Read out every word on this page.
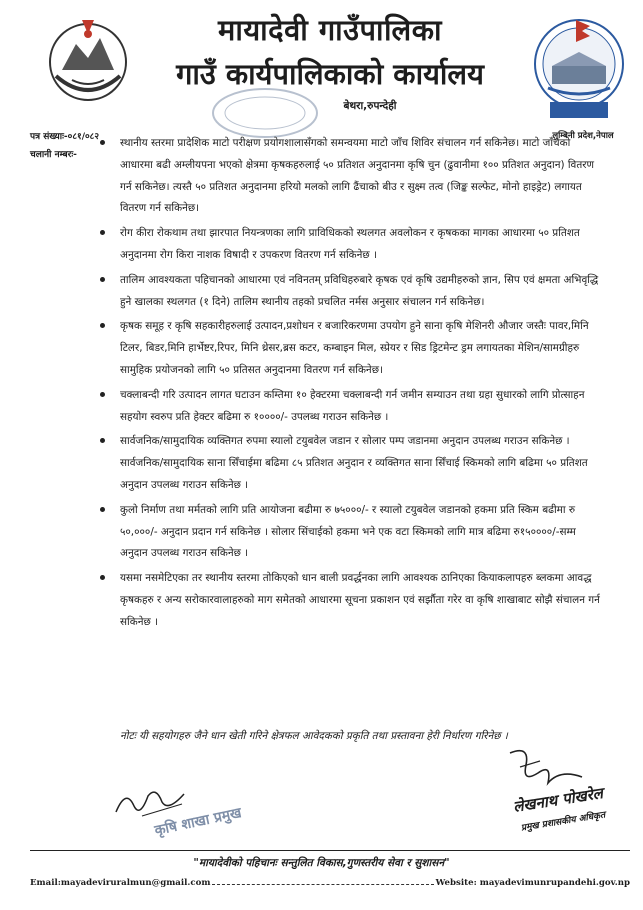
मायादेवी गाउँपालिका
गाउँ कार्यपालिकाको कार्यालय
बेथरा,रुपन्देही
लुम्बिनी प्रदेश,नेपाल
पत्र संख्याः-०८१/०८२
चलानी नम्बरः-
स्थानीय स्तरमा प्रादेशिक माटो परीक्षण प्रयोगशालासँगको समन्वयमा माटो जाँच शिविर संचालन गर्न सकिनेछ। माटो जाँचको आधारमा बढी अम्लीयपना भएको क्षेत्रमा कृषकहरुलाई ५० प्रतिशत अनुदानमा कृषि चुन (ढुवानीमा १०० प्रतिशत अनुदान) वितरण गर्न सकिनेछ। त्यस्तै ५० प्रतिशत अनुदानमा हरियो मलको लागि ढैंचाको बीउ र सुक्ष्म तत्व (जिङ्क सल्फेट, मोनो हाइड्रेट) लगायत वितरण गर्न सकिनेछ।
रोग कीरा रोकथाम तथा झारपात नियन्त्रणका लागि प्राविधिकको स्थलगत अवलोकन र कृषकका मागका आधारमा ५० प्रतिशत अनुदानमा रोग किरा नाशक विषादी र उपकरण वितरण गर्न सकिनेछ ।
तालिम आवश्यकता पहिचानको आधारमा एवं नविनतम् प्रविधिहरुबारे कृषक एवं कृषि उद्यमीहरुको ज्ञान, सिप एवं क्षमता अभिवृद्धि हुने खालका स्थलगत (१ दिने) तालिम स्थानीय तहको प्रचलित नर्मस अनुसार संचालन गर्न सकिनेछ।
कृषक समूह र कृषि सहकारीहरुलाई उत्पादन,प्रशोधन र बजारिकरणमा उपयोग हुने साना कृषि मेशिनरी औजार जस्तैः पावर,मिनि टिलर, बिडर,मिनि हार्भेष्टर,रिपर, मिनि थ्रेसर,ब्रस कटर, कम्बाइन मिल, स्प्रेयर र सिड ड्रिटमेन्ट ड्रम लगायतका मेशिन/सामग्रीहरु सामुहिक प्रयोजनको लागि ५० प्रतिसत अनुदानमा वितरण गर्न सकिनेछ।
चक्लाबन्दी गरि उत्पादन लागत घटाउन कम्तिमा १० हेक्टरमा चक्लाबन्दी गर्न जमीन सम्याउन तथा ग्रहा सुधारको लागि प्रोत्साहन सहयोग स्वरुप प्रति हेक्टर बढिमा रु १००००/- उपलब्ध गराउन सकिनेछ ।
सार्वजनिक/सामुदायिक व्यक्तिगत रुपमा स्यालो टयुबवेल जडान र सोलार पम्प जडानमा अनुदान उपलब्ध गराउन सकिनेछ । सार्वजनिक/सामुदायिक साना सिँचाईमा बढिमा ८५ प्रतिशत अनुदान र व्यक्तिगत साना सिँचाई स्किमको लागि बढिमा ५० प्रतिशत अनुदान उपलब्ध गराउन सकिनेछ ।
कुलो निर्माण तथा मर्मतको लागि प्रति आयोजना बढीमा रु ७५०००/- र स्यालो टयुबवेल जडानको हकमा प्रति स्किम बढीमा रु ५०,०००/- अनुदान प्रदान गर्न सकिनेछ । सोलार सिंचाईको हकमा भने एक वटा स्किमको लागि मात्र बढिमा रु१५००००/-सम्म अनुदान उपलब्ध गराउन सकिनेछ ।
यसमा नसमेटिएका तर स्थानीय स्तरमा तोकिएको धान बाली प्रवर्द्धनका लागि आवश्यक ठानिएका कियाकलापहरु ब्लकमा आवद्ध कृषकहरु र अन्य सरोकारवालाहरुको माग समेतको आधारमा सूचना प्रकाशन एवं सर्झौता गरेर वा कृषि शाखाबाट सोझै संचालन गर्न सकिनेछ ।
नोटः यी सहयोगहरु जैने धान खेती गरिने क्षेत्रफल आवेदकको प्रकृति तथा प्रस्तावना हेरी निर्धारण गरिनेछ ।
लेखनाथ पोखरेल
प्रमुख प्रशासकीय अधिकृत
कृषि शाखा प्रमुख
"मायादेवीको पहिचानः सन्तुलित विकास,गुणस्तरीय सेवा र सुशासन"
Email:mayadeviruralmun@gmail.com	Website: mayadevimunrupandehi.gov.np
